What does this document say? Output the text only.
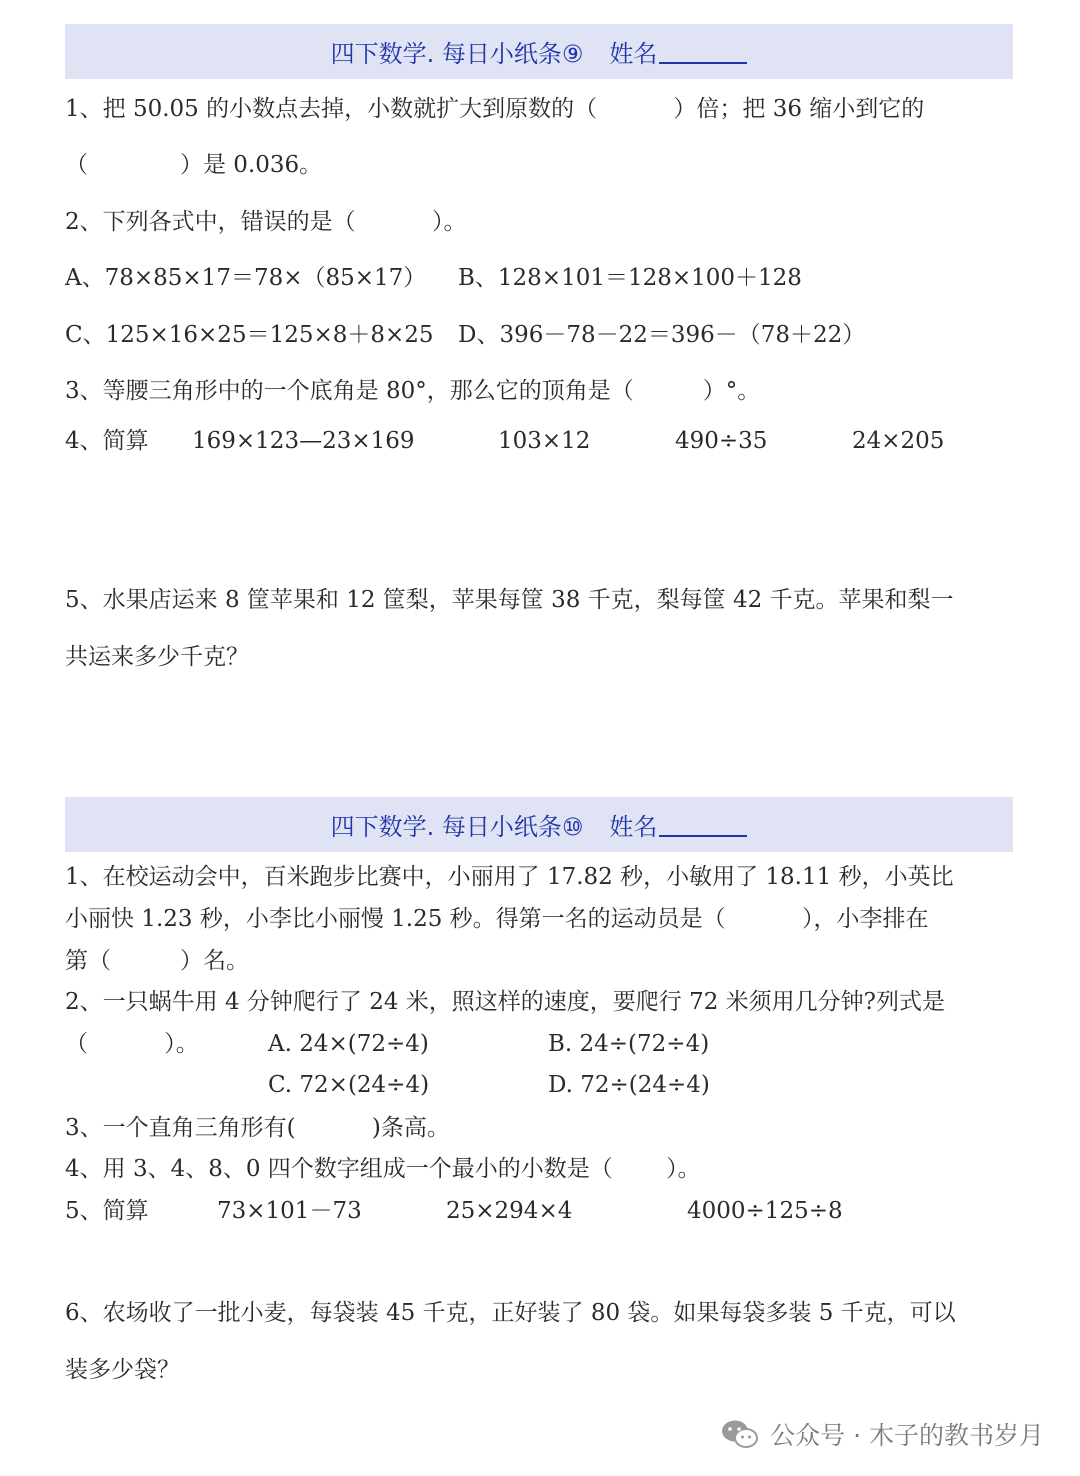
四下数学. 每日小纸条⑨ 姓名
1、把 50.05 的小数点去掉，小数就扩大到原数的（　　　 ）倍；把 36 缩小到它的
（　　　　）是 0.036。
2、下列各式中，错误的是（　　　 ）。
A、78×85×17＝78×（85×17） B、128×101＝128×100＋128
C、125×16×25＝125×8＋8×25 D、396－78－22＝396－（78＋22）
3、等腰三角形中的一个底角是 80°，那么它的顶角是（　　　）°。
4、简算 169×123—23×169	103×12	490÷35	24×205
5、水果店运来 8 筐苹果和 12 筐梨，苹果每筐 38 千克，梨每筐 42 千克。苹果和梨一
共运来多少千克？
四下数学. 每日小纸条⑩ 姓名
1、在校运动会中，百米跑步比赛中，小丽用了 17.82 秒，小敏用了 18.11 秒，小英比
小丽快 1.23 秒，小李比小丽慢 1.25 秒。得第一名的运动员是（　　　 ），小李排在
第（　　　）名。
2、一只蜗牛用 4 分钟爬行了 24 米，照这样的速度，要爬行 72 米须用几分钟?列式是
（　　　 ）。	A. 24×(72÷4)	B. 24÷(72÷4)
C. 72×(24÷4)	D. 72÷(24÷4)
3、一个直角三角形有(　　　 )条高。
4、用 3、4、8、0 四个数字组成一个最小的小数是（　　 ）。
5、简算	73×101－73	25×294×4	4000÷125÷8
6、农场收了一批小麦，每袋装 45 千克，正好装了 80 袋。如果每袋多装 5 千克，可以
装多少袋？
公众号 · 木子的教书岁月
